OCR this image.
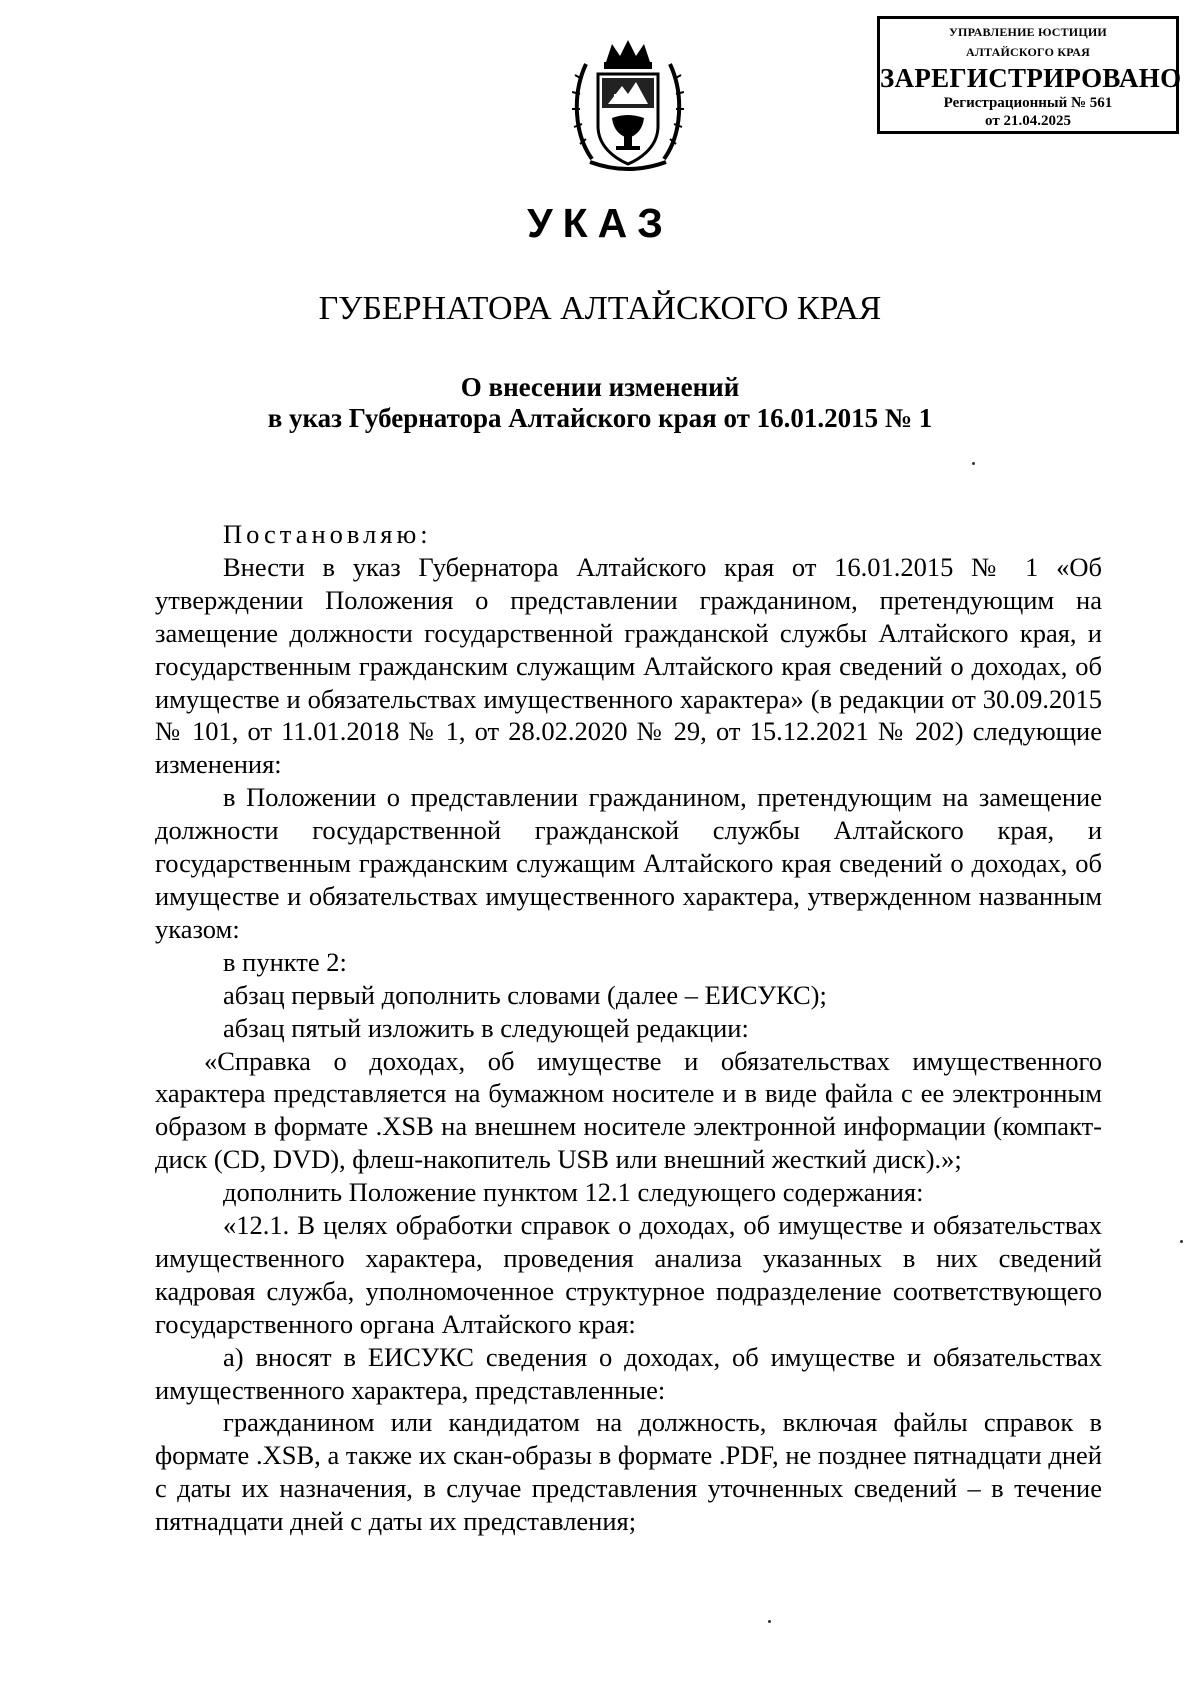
УПРАВЛЕНИЕ ЮСТИЦИИ
АЛТАЙСКОГО КРАЯ
ЗАРЕГИСТРИРОВАНО
Регистрационный № 561
от 21.04.2025
УКАЗ
ГУБЕРНАТОРА АЛТАЙСКОГО КРАЯ
О внесении изменений
в указ Губернатора Алтайского края от 16.01.2015 № 1

Постановляю:

Внести в указ Губернатора Алтайского края от 16.01.2015 № 1 «Об утверждении Положения о представлении гражданином, претендующим на замещение должности государственной гражданской службы Алтайского края, и государственным гражданским служащим Алтайского края сведений о доходах, об имуществе и обязательствах имущественного характера» (в редакции от 30.09.2015 № 101, от 11.01.2018 № 1, от 28.02.2020 № 29, от 15.12.2021 № 202) следующие изменения:

в Положении о представлении гражданином, претендующим на замещение должности государственной гражданской службы Алтайского края, и государственным гражданским служащим Алтайского края сведений о доходах, об имуществе и обязательствах имущественного характера, утвержденном названным указом:

в пункте 2:

абзац первый дополнить словами (далее – ЕИСУКС);

абзац пятый изложить в следующей редакции:

«Справка о доходах, об имуществе и обязательствах имущественного характера представляется на бумажном носителе и в виде файла с ее электронным образом в формате .XSB на внешнем носителе электронной информации (компакт-диск (CD, DVD), флеш-накопитель USB или внешний жесткий диск).»;

дополнить Положение пунктом 12.1 следующего содержания:

«12.1. В целях обработки справок о доходах, об имуществе и обязательствах имущественного характера, проведения анализа указанных в них сведений кадровая служба, уполномоченное структурное подразделение соответствующего государственного органа Алтайского края:

а) вносят в ЕИСУКС сведения о доходах, об имуществе и обязательствах имущественного характера, представленные:

гражданином или кандидатом на должность, включая файлы справок в формате .XSB, а также их скан-образы в формате .PDF, не позднее пятнадцати дней с даты их назначения, в случае представления уточненных сведений – в течение пятнадцати дней с даты их представления;
